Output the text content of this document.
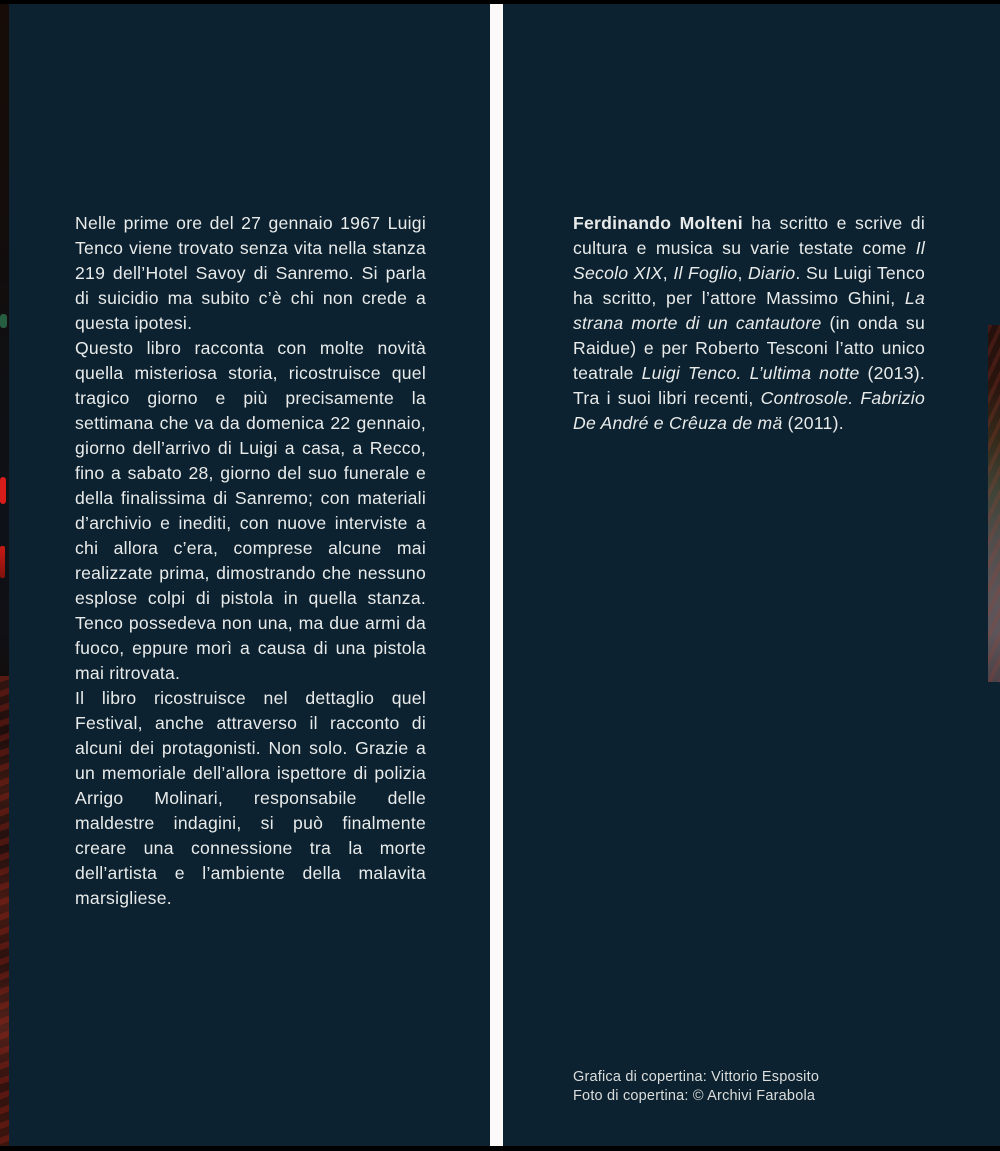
Nelle prime ore del 27 gennaio 1967 Luigi Tenco viene trovato senza vita nella stanza 219 dell’Hotel Savoy di Sanremo. Si parla di suicidio ma subito c’è chi non crede a questa ipotesi.

Questo libro racconta con molte novità quella misteriosa storia, ricostruisce quel tragico giorno e più precisamente la settimana che va da domenica 22 gennaio, giorno dell’arrivo di Luigi a casa, a Recco, fino a sabato 28, giorno del suo funerale e della finalissima di Sanremo; con materiali d’archivio e inediti, con nuove interviste a chi allora c’era, comprese alcune mai realizzate prima, dimostrando che nessuno esplose colpi di pistola in quella stanza. Tenco possedeva non una, ma due armi da fuoco, eppure morì a causa di una pistola mai ritrovata.

Il libro ricostruisce nel dettaglio quel Festival, anche attraverso il racconto di alcuni dei protagonisti. Non solo. Grazie a un memoriale dell’allora ispettore di polizia Arrigo Molinari, responsabile delle maldestre indagini, si può finalmente creare una connessione tra la morte dell’artista e l’ambiente della malavita marsigliese.

Ferdinando Molteni ha scritto e scrive di cultura e musica su varie testate come Il Secolo XIX, Il Foglio, Diario. Su Luigi Tenco ha scritto, per l’attore Massimo Ghini, La strana morte di un cantautore (in onda su Raidue) e per Roberto Tesconi l’atto unico teatrale Luigi Tenco. L’ultima notte (2013). Tra i suoi libri recenti, Controsole. Fabrizio De André e Crêuza de mä (2011).

Grafica di copertina: Vittorio Esposito
Foto di copertina: © Archivi Farabola
